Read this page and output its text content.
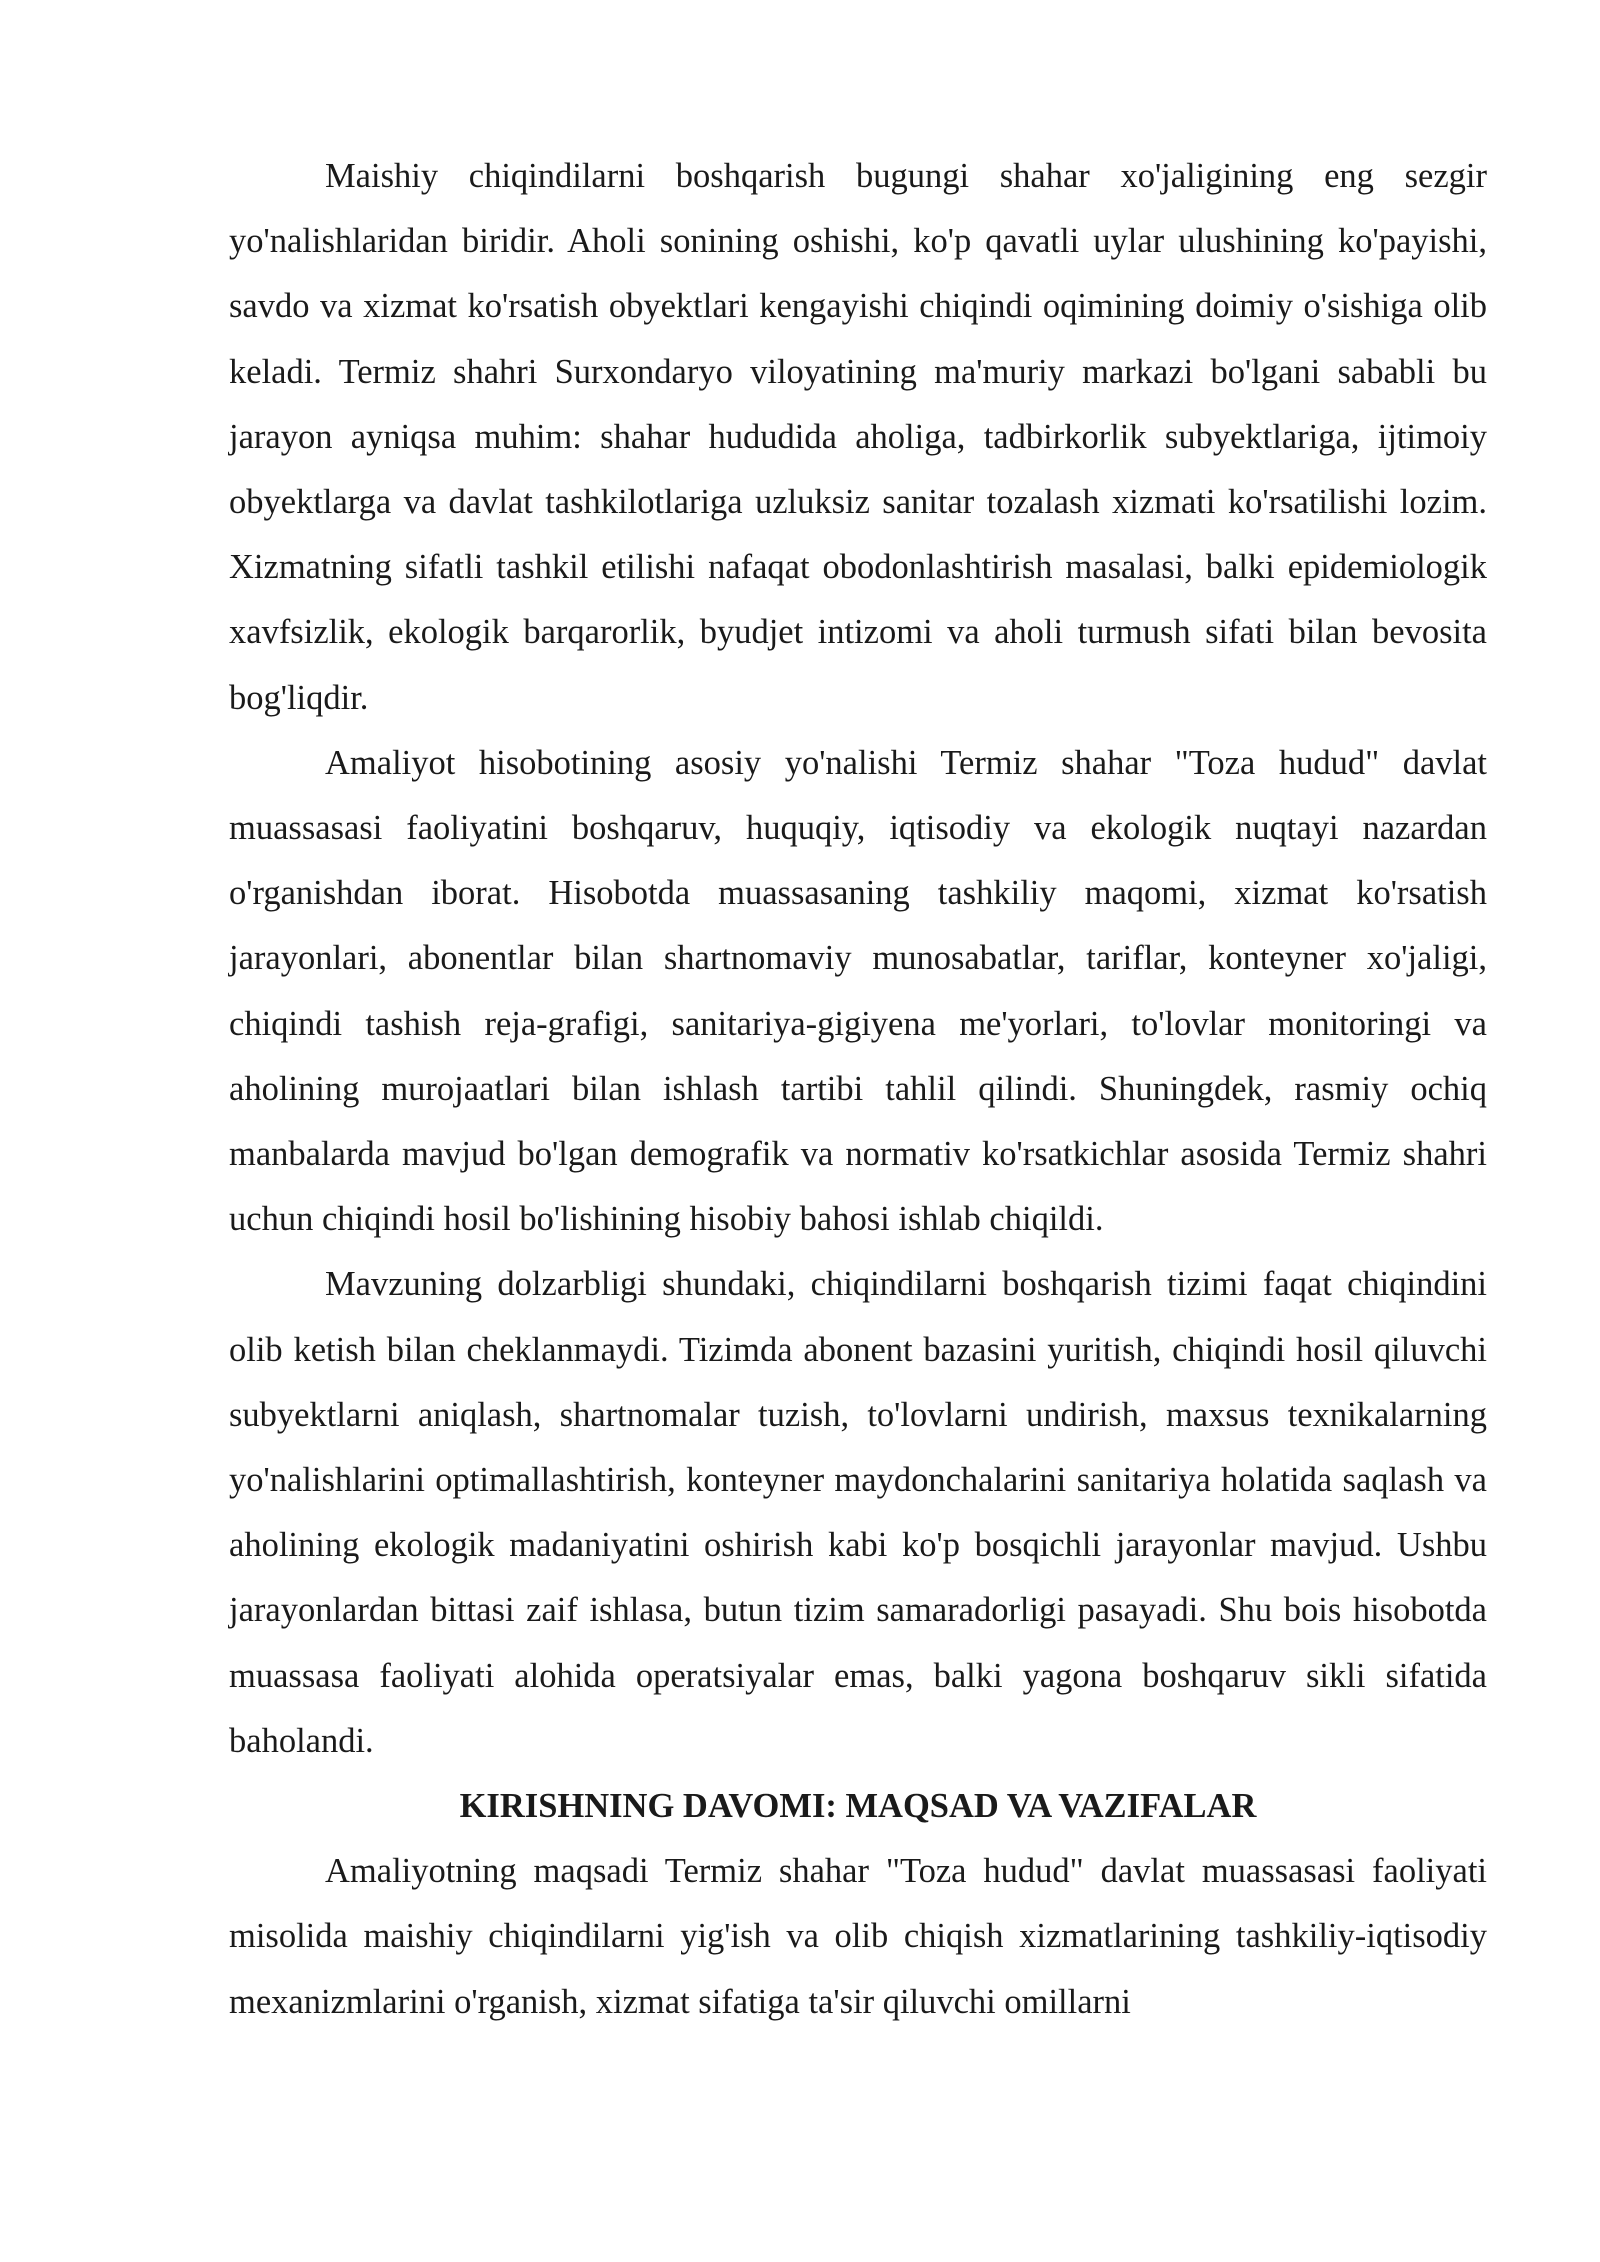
Maishiy chiqindilarni boshqarish bugungi shahar xo'jaligining eng sezgir yo'nalishlaridan biridir. Aholi sonining oshishi, ko'p qavatli uylar ulushining ko'payishi, savdo va xizmat ko'rsatish obyektlari kengayishi chiqindi oqimining doimiy o'sishiga olib keladi. Termiz shahri Surxondaryo viloyatining ma'muriy markazi bo'lgani sababli bu jarayon ayniqsa muhim: shahar hududida aholiga, tadbirkorlik subyektlariga, ijtimoiy obyektlarga va davlat tashkilotlariga uzluksiz sanitar tozalash xizmati ko'rsatilishi lozim. Xizmatning sifatli tashkil etilishi nafaqat obodonlashtirish masalasi, balki epidemiologik xavfsizlik, ekologik barqarorlik, byudjet intizomi va aholi turmush sifati bilan bevosita bog'liqdir.

Amaliyot hisobotining asosiy yo'nalishi Termiz shahar "Toza hudud" davlat muassasasi faoliyatini boshqaruv, huquqiy, iqtisodiy va ekologik nuqtayi nazardan o'rganishdan iborat. Hisobotda muassasaning tashkiliy maqomi, xizmat ko'rsatish jarayonlari, abonentlar bilan shartnomaviy munosabatlar, tariflar, konteyner xo'jaligi, chiqindi tashish reja-grafigi, sanitariya-gigiyena me'yorlari, to'lovlar monitoringi va aholining murojaatlari bilan ishlash tartibi tahlil qilindi. Shuningdek, rasmiy ochiq manbalarda mavjud bo'lgan demografik va normativ ko'rsatkichlar asosida Termiz shahri uchun chiqindi hosil bo'lishining hisobiy bahosi ishlab chiqildi.

Mavzuning dolzarbligi shundaki, chiqindilarni boshqarish tizimi faqat chiqindini olib ketish bilan cheklanmaydi. Tizimda abonent bazasini yuritish, chiqindi hosil qiluvchi subyektlarni aniqlash, shartnomalar tuzish, to'lovlarni undirish, maxsus texnikalarning yo'nalishlarini optimallashtirish, konteyner maydonchalarini sanitariya holatida saqlash va aholining ekologik madaniyatini oshirish kabi ko'p bosqichli jarayonlar mavjud. Ushbu jarayonlardan bittasi zaif ishlasa, butun tizim samaradorligi pasayadi. Shu bois hisobotda muassasa faoliyati alohida operatsiyalar emas, balki yagona boshqaruv sikli sifatida baholandi.

KIRISHNING DAVOMI: MAQSAD VA VAZIFALAR

Amaliyotning maqsadi Termiz shahar "Toza hudud" davlat muassasasi faoliyati misolida maishiy chiqindilarni yig'ish va olib chiqish xizmatlarining tashkiliy-iqtisodiy mexanizmlarini o'rganish, xizmat sifatiga ta'sir qiluvchi omillarni
